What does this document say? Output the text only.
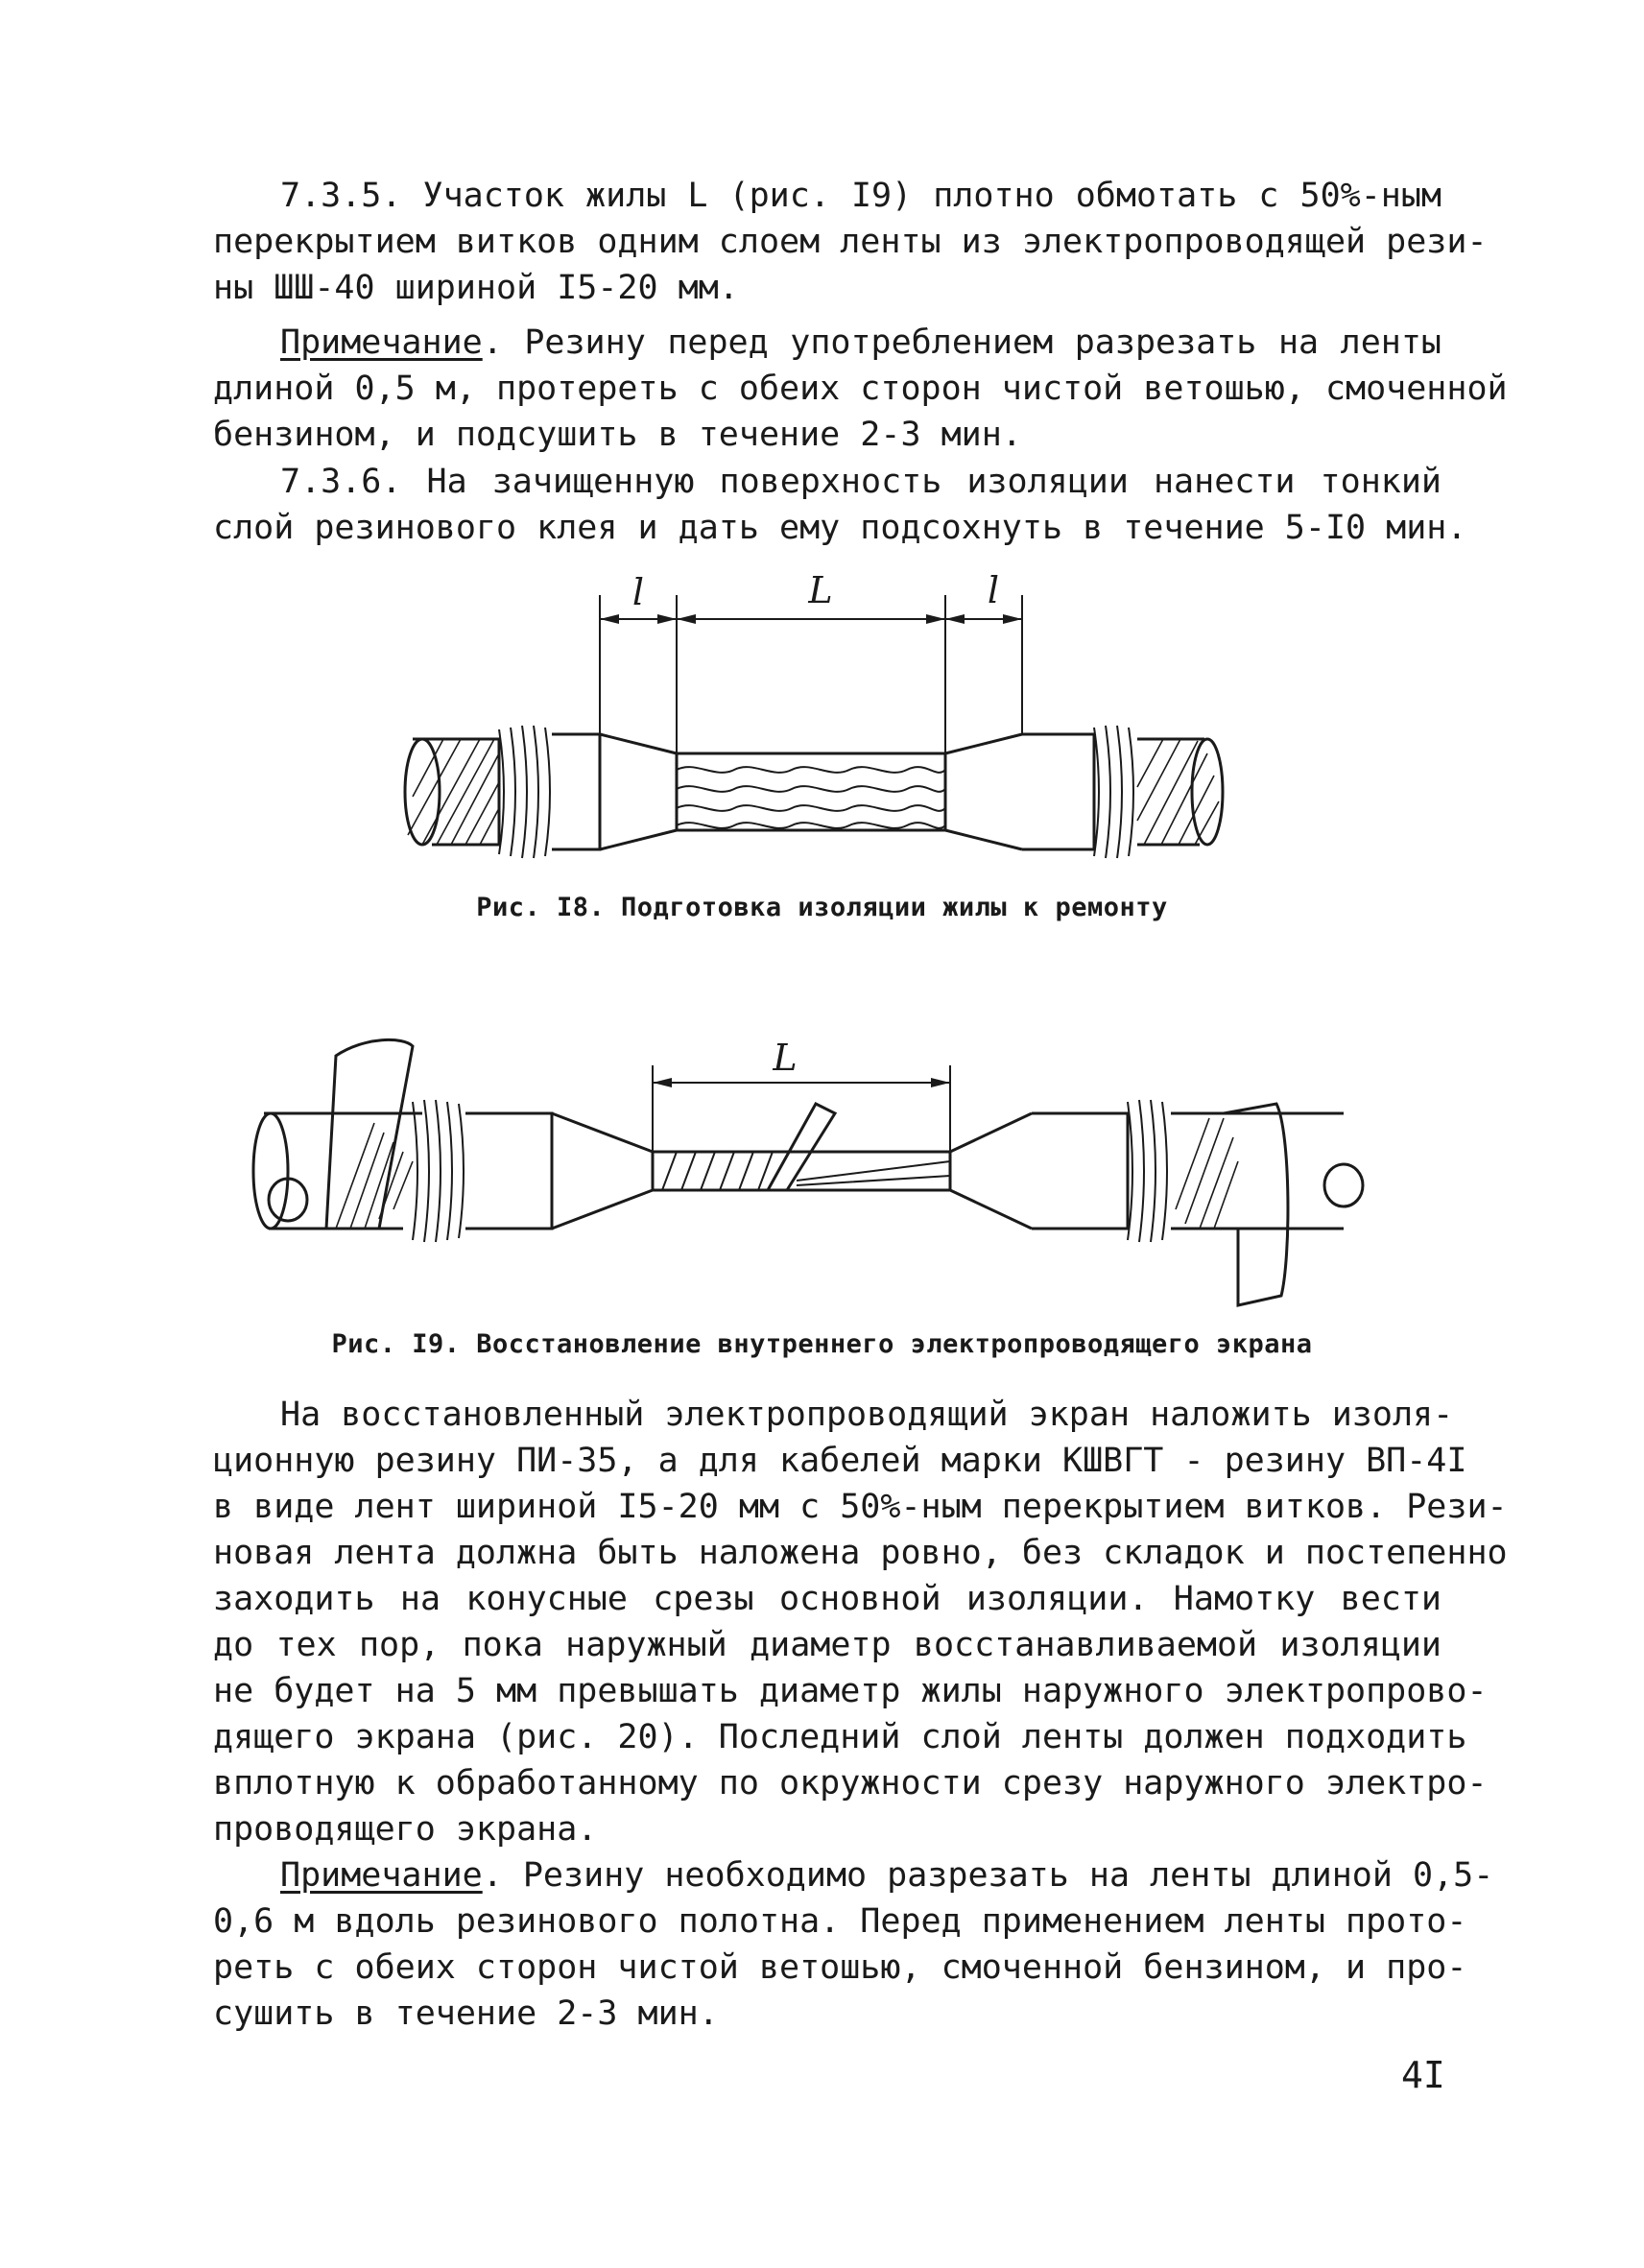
7.3.5. Участок жилы L (рис. I9) плотно обмотать с 50%-ным
перекрытием витков одним слоем ленты из электропроводящей рези-
ны ШШ-40 шириной I5-20 мм.
Примечание. Резину перед употреблением разрезать на ленты
длиной 0,5 м, протереть с обеих сторон чистой ветошью, смоченной
бензином, и подсушить в течение 2-3 мин.
7.3.6. На зачищенную поверхность изоляции нанести тонкий
слой резинового клея и дать ему подсохнуть в течение 5-I0 мин.
l	L	l

Рис. I8. Подготовка изоляции жилы к ремонту

L

Рис. I9. Восстановление внутреннего электропроводящего экрана

На восстановленный электропроводящий экран наложить изоля-
ционную резину ПИ-35, а для кабелей марки КШВГТ - резину ВП-4I
в виде лент шириной I5-20 мм с 50%-ным перекрытием витков. Рези-
новая лента должна быть наложена ровно, без складок и постепенно
заходить на конусные срезы основной изоляции. Намотку вести
до тех пор, пока наружный диаметр восстанавливаемой изоляции
не будет на 5 мм превышать диаметр жилы наружного электропрово-
дящего экрана (рис. 20). Последний слой ленты должен подходить
вплотную к обработанному по окружности срезу наружного электро-
проводящего экрана.
Примечание. Резину необходимо разрезать на ленты длиной 0,5-
0,6 м вдоль резинового полотна. Перед применением ленты прото-
реть с обеих сторон чистой ветошью, смоченной бензином, и про-
сушить в течение 2-3 мин.

4I
